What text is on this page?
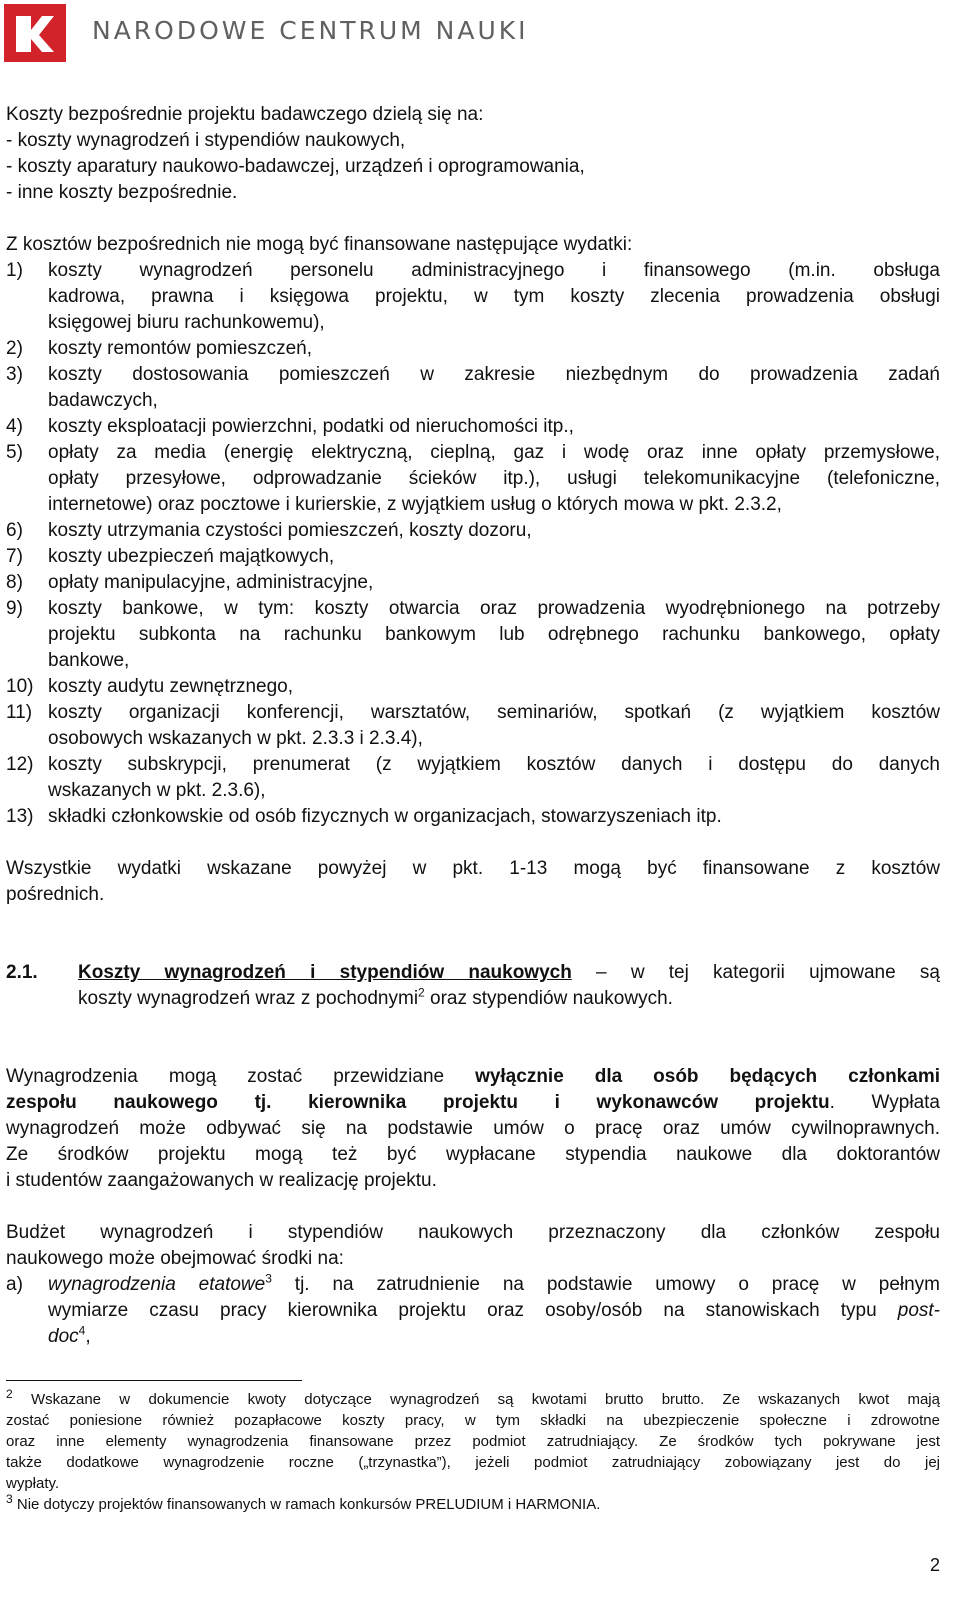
NARODOWE CENTRUM NAUKI
Koszty bezpośrednie projektu badawczego dzielą się na:
- koszty wynagrodzeń i stypendiów naukowych,
- koszty aparatury naukowo-badawczej, urządzeń i oprogramowania,
- inne koszty bezpośrednie.
Z kosztów bezpośrednich nie mogą być finansowane następujące wydatki:
1)	koszty wynagrodzeń personelu administracyjnego i finansowego (m.in. obsługa
kadrowa, prawna i księgowa projektu, w tym koszty zlecenia prowadzenia obsługi
księgowej biuru rachunkowemu),
2)	koszty remontów pomieszczeń,
3)	koszty dostosowania pomieszczeń w zakresie niezbędnym do prowadzenia zadań
badawczych,
4)	koszty eksploatacji powierzchni, podatki od nieruchomości itp.,
5)	opłaty za media (energię elektryczną, cieplną, gaz i wodę oraz inne opłaty przemysłowe,
opłaty przesyłowe, odprowadzanie ścieków itp.), usługi telekomunikacyjne (telefoniczne,
internetowe) oraz pocztowe i kurierskie, z wyjątkiem usług o których mowa w pkt. 2.3.2,
6)	koszty utrzymania czystości pomieszczeń, koszty dozoru,
7)	koszty ubezpieczeń majątkowych,
8)	opłaty manipulacyjne, administracyjne,
9)	koszty bankowe, w tym: koszty otwarcia oraz prowadzenia wyodrębnionego na potrzeby
projektu subkonta na rachunku bankowym lub odrębnego rachunku bankowego, opłaty
bankowe,
10) koszty audytu zewnętrznego,
11) koszty organizacji konferencji, warsztatów, seminariów, spotkań (z wyjątkiem kosztów
osobowych wskazanych w pkt. 2.3.3 i 2.3.4),
12) koszty subskrypcji, prenumerat (z wyjątkiem kosztów danych i dostępu do danych
wskazanych w pkt. 2.3.6),
13) składki członkowskie od osób fizycznych w organizacjach, stowarzyszeniach itp.
Wszystkie wydatki wskazane powyżej w pkt. 1-13 mogą być finansowane z kosztów
pośrednich.
2.1.	Koszty wynagrodzeń i stypendiów naukowych – w tej kategorii ujmowane są
koszty wynagrodzeń wraz z pochodnymi$^2$ oraz stypendiów naukowych.
Wynagrodzenia mogą zostać przewidziane wyłącznie dla osób będących członkami
zespołu naukowego tj. kierownika projektu i wykonawców projektu. Wypłata
wynagrodzeń może odbywać się na podstawie umów o pracę oraz umów cywilnoprawnych.
Ze środków projektu mogą też być wypłacane stypendia naukowe dla doktorantów
i studentów zaangażowanych w realizację projektu.
Budżet wynagrodzeń i stypendiów naukowych przeznaczony dla członków zespołu
naukowego może obejmować środki na:
a)	wynagrodzenia etatowe$^3$ tj. na zatrudnienie na podstawie umowy o pracę w pełnym
wymiarze czasu pracy kierownika projektu oraz osoby/osób na stanowiskach typu post-
doc$^4$,
$^2$ Wskazane w dokumencie kwoty dotyczące wynagrodzeń są kwotami brutto brutto. Ze wskazanych kwot mają
zostać poniesione również pozapłacowe koszty pracy, w tym składki na ubezpieczenie społeczne i zdrowotne
oraz inne elementy wynagrodzenia finansowane przez podmiot zatrudniający. Ze środków tych pokrywane jest
także dodatkowe wynagrodzenie roczne („trzynastka”), jeżeli podmiot zatrudniający zobowiązany jest do jej
wypłaty.
$^3$ Nie dotyczy projektów finansowanych w ramach konkursów PRELUDIUM i HARMONIA.
2
